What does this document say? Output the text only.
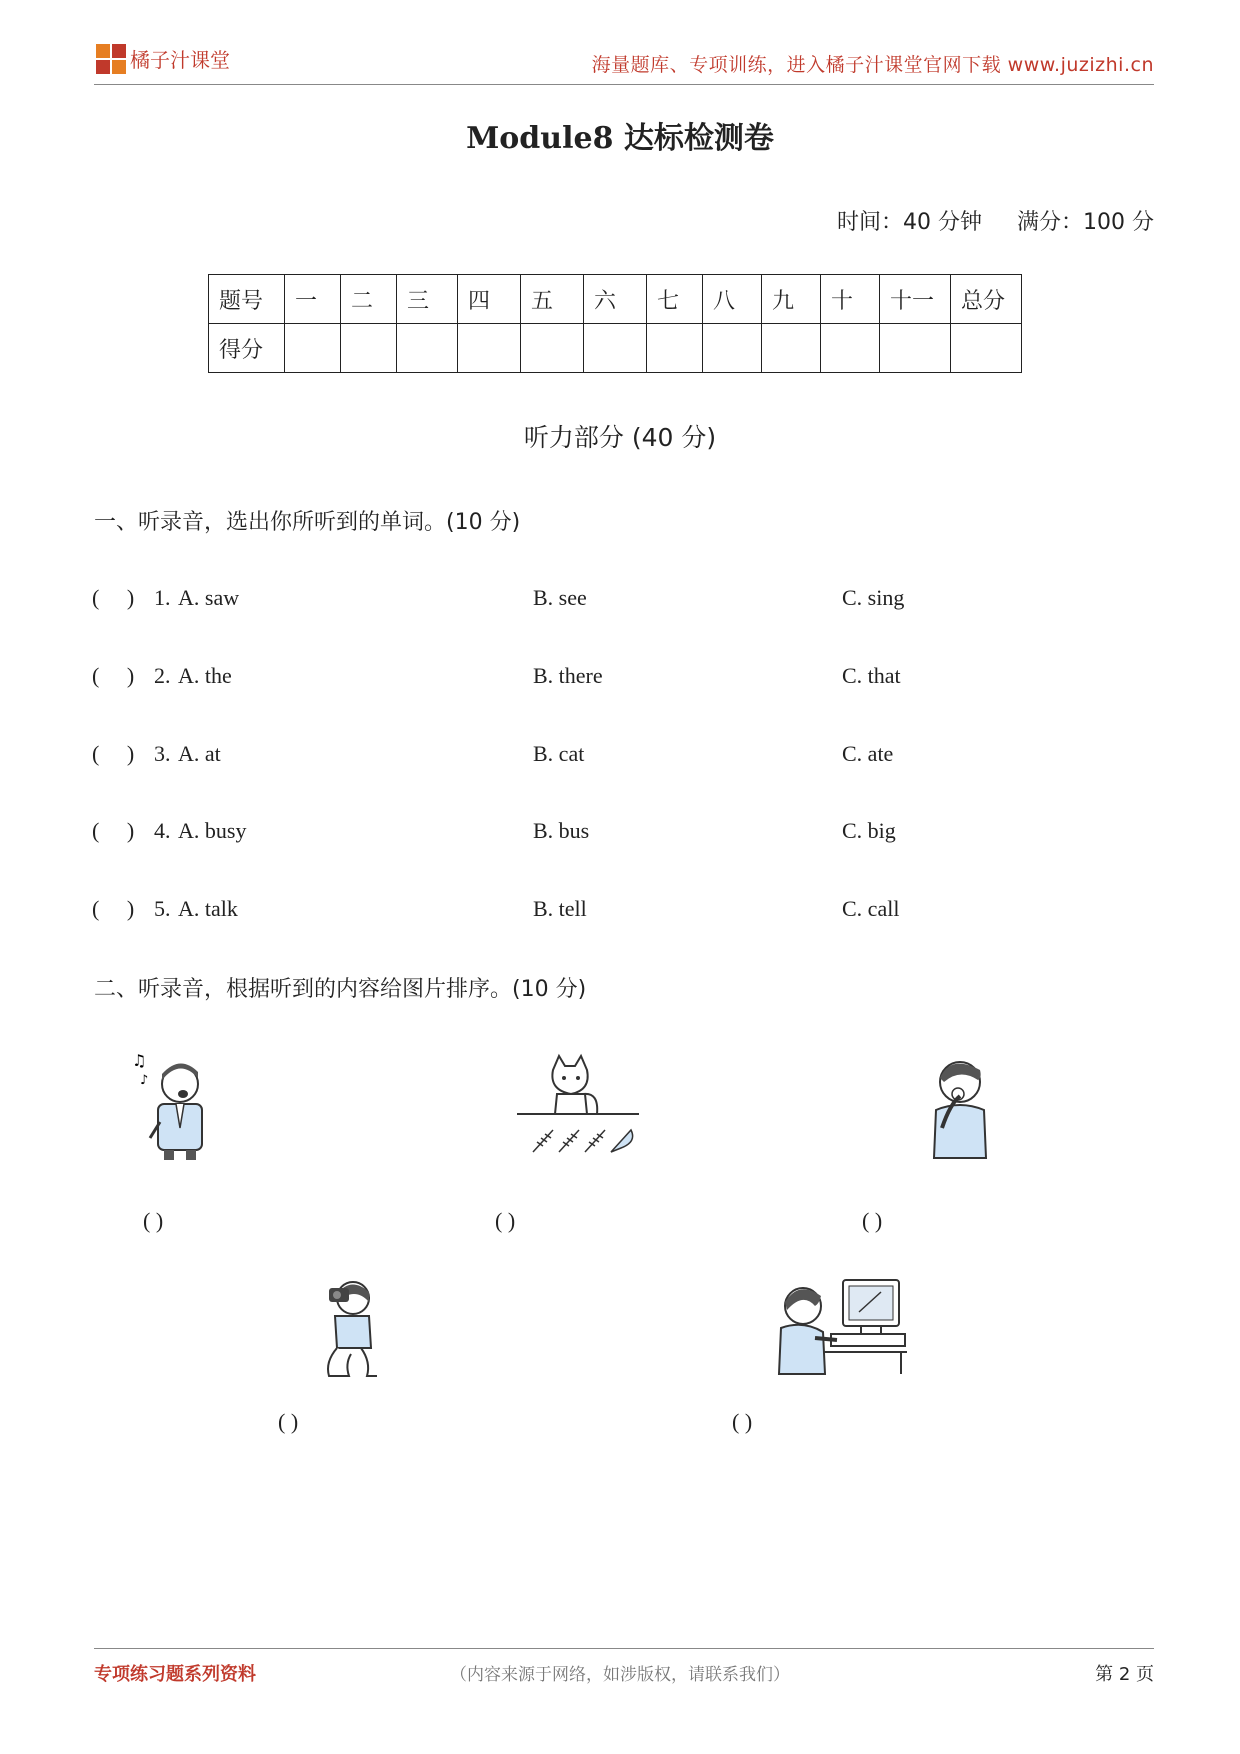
橘子汁课堂	海量题库、专项训练，进入橘子汁课堂官网下载 www.juzizhi.cn
Module8 达标检测卷
时间：40 分钟 满分：100 分
题号	一	二	三	四	五	六	七	八	九	十	十一	总分
得分												
听力部分 (40 分)
一、听录音，选出你所听到的单词。(10 分)
(     ) 1. A. saw	B. see	C. sing
(     ) 2. A. the	B. there	C. that
(     ) 3. A. at	B. cat	C. ate
(     ) 4. A. busy	B. bus	C. big
(     ) 5. A. talk	B. tell	C. call
二、听录音，根据听到的内容给图片排序。(10 分)
♫
♪
( )	( )	( )
( )	( )
专项练习题系列资料	（内容来源于网络，如涉版权，请联系我们）	第 2 页
